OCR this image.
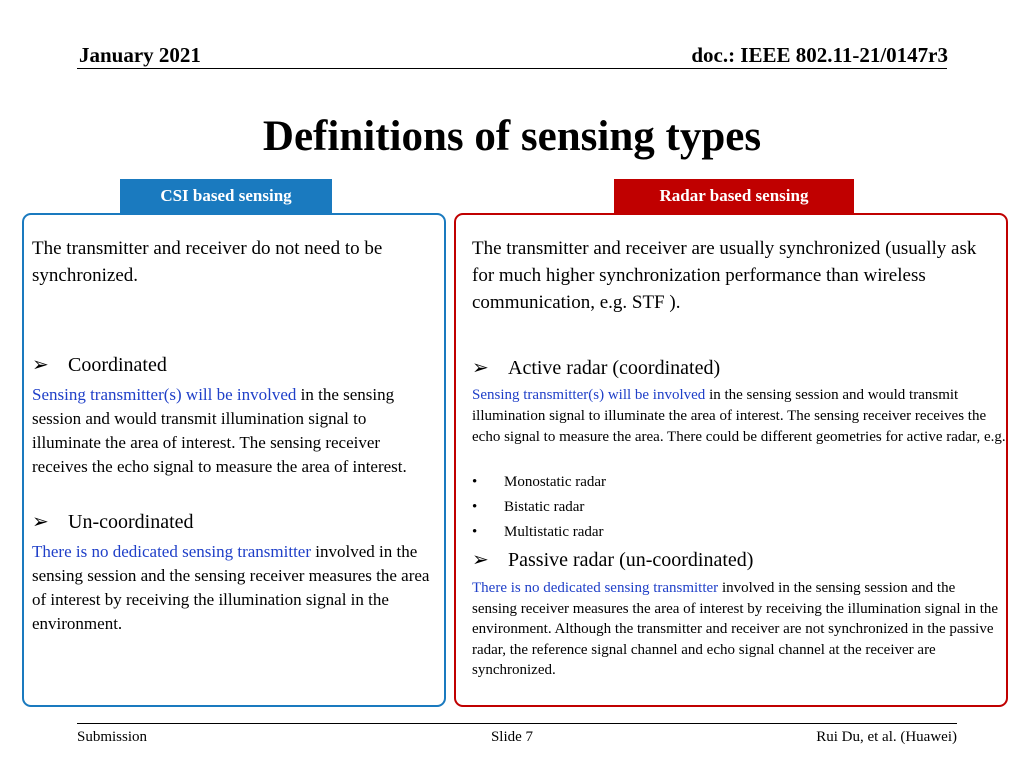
January 2021	doc.: IEEE 802.11-21/0147r3
Definitions of sensing types
CSI based sensing	Radar based sensing

The transmitter and receiver do not need to be synchronized.

➢ Coordinated

Sensing transmitter(s) will be involved in the sensing session and would transmit illumination signal to illuminate the area of interest. The sensing receiver receives the echo signal to measure the area of interest.

➢ Un-coordinated

There is no dedicated sensing transmitter involved in the sensing session and the sensing receiver measures the area of interest by receiving the illumination signal in the environment.

The transmitter and receiver are usually synchronized (usually ask for much higher synchronization performance than wireless communication, e.g. STF ).

➢ Active radar (coordinated)

Sensing transmitter(s) will be involved in the sensing session and would transmit illumination signal to illuminate the area of interest. The sensing receiver receives the echo signal to measure the area. There could be different geometries for active radar, e.g.

• Monostatic radar
• Bistatic radar
• Multistatic radar
➢ Passive radar (un-coordinated)

There is no dedicated sensing transmitter involved in the sensing session and the sensing receiver measures the area of interest by receiving the illumination signal in the environment. Although the transmitter and receiver are not synchronized in the passive radar, the reference signal channel and echo signal channel at the receiver are synchronized.

Submission	Slide 7	Rui Du, et al. (Huawei)
